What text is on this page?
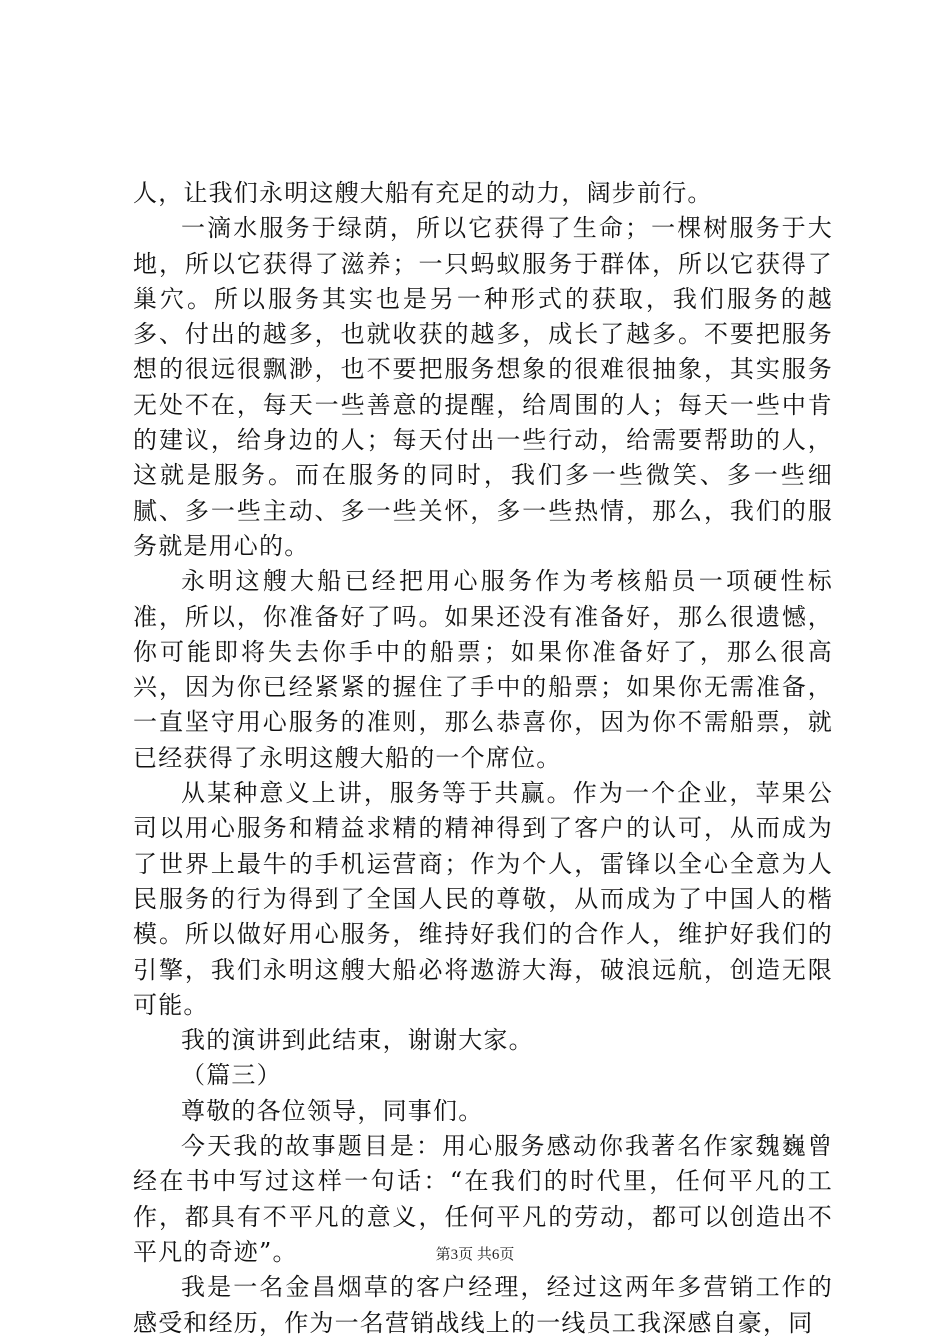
人，让我们永明这艘大船有充足的动力，阔步前行。

一滴水服务于绿荫，所以它获得了生命；一棵树服务于大地，所以它获得了滋养；一只蚂蚁服务于群体，所以它获得了巢穴。所以服务其实也是另一种形式的获取，我们服务的越多、付出的越多，也就收获的越多，成长了越多。不要把服务想的很远很飘渺，也不要把服务想象的很难很抽象，其实服务无处不在，每天一些善意的提醒，给周围的人；每天一些中肯的建议，给身边的人；每天付出一些行动，给需要帮助的人，这就是服务。而在服务的同时，我们多一些微笑、多一些细腻、多一些主动、多一些关怀，多一些热情，那么，我们的服务就是用心的。

永明这艘大船已经把用心服务作为考核船员一项硬性标准，所以，你准备好了吗。如果还没有准备好，那么很遗憾，你可能即将失去你手中的船票；如果你准备好了，那么很高兴，因为你已经紧紧的握住了手中的船票；如果你无需准备，一直坚守用心服务的准则，那么恭喜你，因为你不需船票，就已经获得了永明这艘大船的一个席位。

从某种意义上讲，服务等于共赢。作为一个企业，苹果公司以用心服务和精益求精的精神得到了客户的认可，从而成为了世界上最牛的手机运营商；作为个人，雷锋以全心全意为人民服务的行为得到了全国人民的尊敬，从而成为了中国人的楷模。所以做好用心服务，维持好我们的合作人，维护好我们的引擎，我们永明这艘大船必将遨游大海，破浪远航，创造无限可能。

我的演讲到此结束，谢谢大家。

（篇三）

尊敬的各位领导，同事们。

今天我的故事题目是：用心服务感动你我著名作家魏巍曾经在书中写过这样一句话：“在我们的时代里，任何平凡的工作，都具有不平凡的意义，任何平凡的劳动，都可以创造出不平凡的奇迹”。

我是一名金昌烟草的客户经理，经过这两年多营销工作的感受和经历，作为一名营销战线上的一线员工我深感自豪，同

第3页 共6页
